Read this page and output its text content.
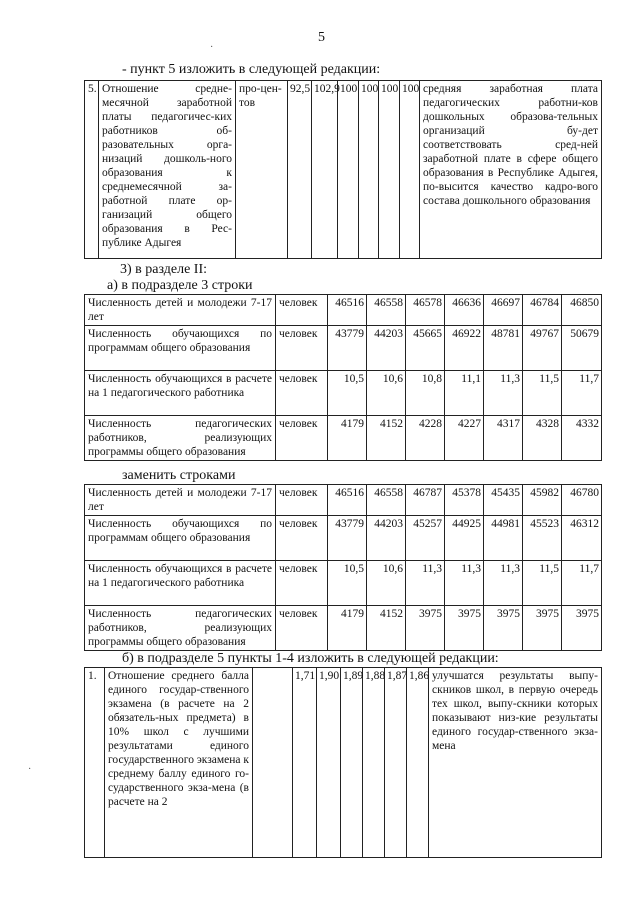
5
- пункт 5 изложить в следующей редакции:
5.	Отношение средне-месячной заработной платы педагогичес-ких работников об-разовательных орга-низаций дошколь-ного образования к среднемесячной за-работной плате ор-ганизаций общего образования в Рес-публике Адыгея	про-цен-тов	92,5	102,9	100	100	100	100	средняя заработная плата педагогических работни-ков дошкольных образова-тельных организаций бу-дет соответствовать сред-ней заработной плате в сфере общего образования в Республике Адыгея, по-высится качество кадро-вого состава дошкольного образования
3) в разделе II:
а) в подразделе 3 строки
Численность детей и молодежи 7-17 лет	человек	46516	46558	46578	46636	46697	46784	46850
Численность обучающихся по программам общего образования	человек	43779	44203	45665	46922	48781	49767	50679
Численность обучающихся в расчете на 1 педагогического работника	человек	10,5	10,6	10,8	11,1	11,3	11,5	11,7
Численность педагогических работников, реализующих программы общего образования	человек	4179	4152	4228	4227	4317	4328	4332
заменить строками
Численность детей и молодежи 7-17 лет	человек	46516	46558	46787	45378	45435	45982	46780
Численность обучающихся по программам общего образования	человек	43779	44203	45257	44925	44981	45523	46312
Численность обучающихся в расчете на 1 педагогического работника	человек	10,5	10,6	11,3	11,3	11,3	11,5	11,7
Численность педагогических работников, реализующих программы общего образования	человек	4179	4152	3975	3975	3975	3975	3975
б) в подразделе 5 пункты 1-4 изложить в следующей редакции:
1.	Отношение среднего балла единого государ-ственного экзамена (в расчете на 2 обязатель-ных предмета) в 10% школ с лучшими результатами единого государственного экзамена к среднему баллу единого го-сударственного экза-мена (в расчете на 2		1,71	1,90	1,89	1,88	1,87	1,86	улучшатся результаты выпу-скников школ, в первую очередь тех школ, выпу-скники которых показывают низ-кие результаты единого государ-ственного экза-мена
·
·
